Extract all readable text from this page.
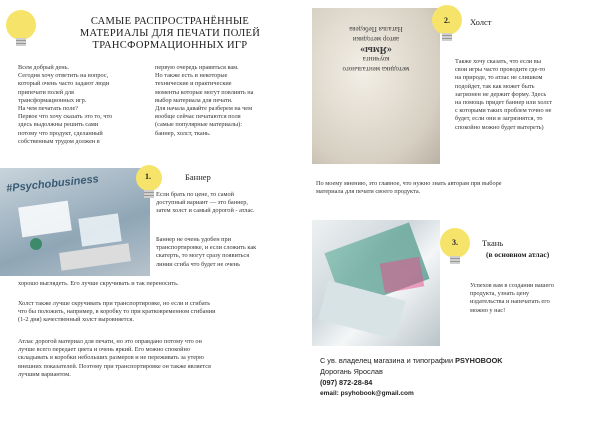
САМЫЕ РАСПРОСТРАНЁННЫЕ
МАТЕРИАЛЫ ДЛЯ ПЕЧАТИ ПОЛЕЙ
ТРАНСФОРМАЦИОННЫХ ИГР
Всем добрый день.
Сегодня хочу ответить на вопрос,
который очень часто задают люди
припечати полей для
трансформационных игр.
На чем печатать поле?
Первое что хочу сказать это то, что
здесь выдолжны решить сами
потому что продукт, сделанный
собственным трудом должен в
первую очередь нравиться вам.
Но также есть и некоторые
технические и практические
моменты которые могут повлиять на
выбор материала для печати.
Для начала давайте разберем на чем
вообще сейчас печатаются поля
(самые популярные материалы):
баннер, холст, ткань.
#Psychobusiness	1.	Баннер
Если брать по цене, то самой
доступный вариант — это баннер,
затем холст и самый дорогой - атлас.
Баннер не очень удобен при
транспортировке, и если сложить как
скатерть, то могут сразу появиться
линии сгиба что будет не очень
хорошо выглядеть. Его лучше скручивать и так переносить.
Холст также лучше скручивать при транспортировке, но если и сгибать
что бы положить, например, в коробку то при кратковременном сгибании
(1-2 дня) качественный холст выровняется.
Атлас дорогой материал для печати, но это оправдано потому что он
лучше всего передает цвета и очень яркий. Его можно спокойно
складывать в коробки небольших размеров и не переживать за утерю
внешних показателей. Поэтому при транспортировке он также является
лучшим вариантом.
методика ментального
коучинга
«Ямы»
автор методики
Наталья Пебедева
2. Холст
Также хочу сказать, что если вы
свои игры часто проводите где-то
на природе, то атлас не слишком
подойдет, так как может быть
загрязнен не держит форму. Здесь
на помощь придет баннер или холст
с которыми таких проблем точно не
будет, если они и загрязнятся, то
спокойно можно будет вытереть)
По моему мнению, это главное, что нужно знать авторам при выборе
материала для печати своего продукта.
3.	Ткань
(в основном атлас)
Успехов вам в создании вашего
продукта, узнать цену
издательства и напечатать его
можно у нас!
С ув. владелец магазина и типографии PSYHOBOOK
Дорогань Ярослав
(097) 872-28-84
email: psyhobook@gmail.com
